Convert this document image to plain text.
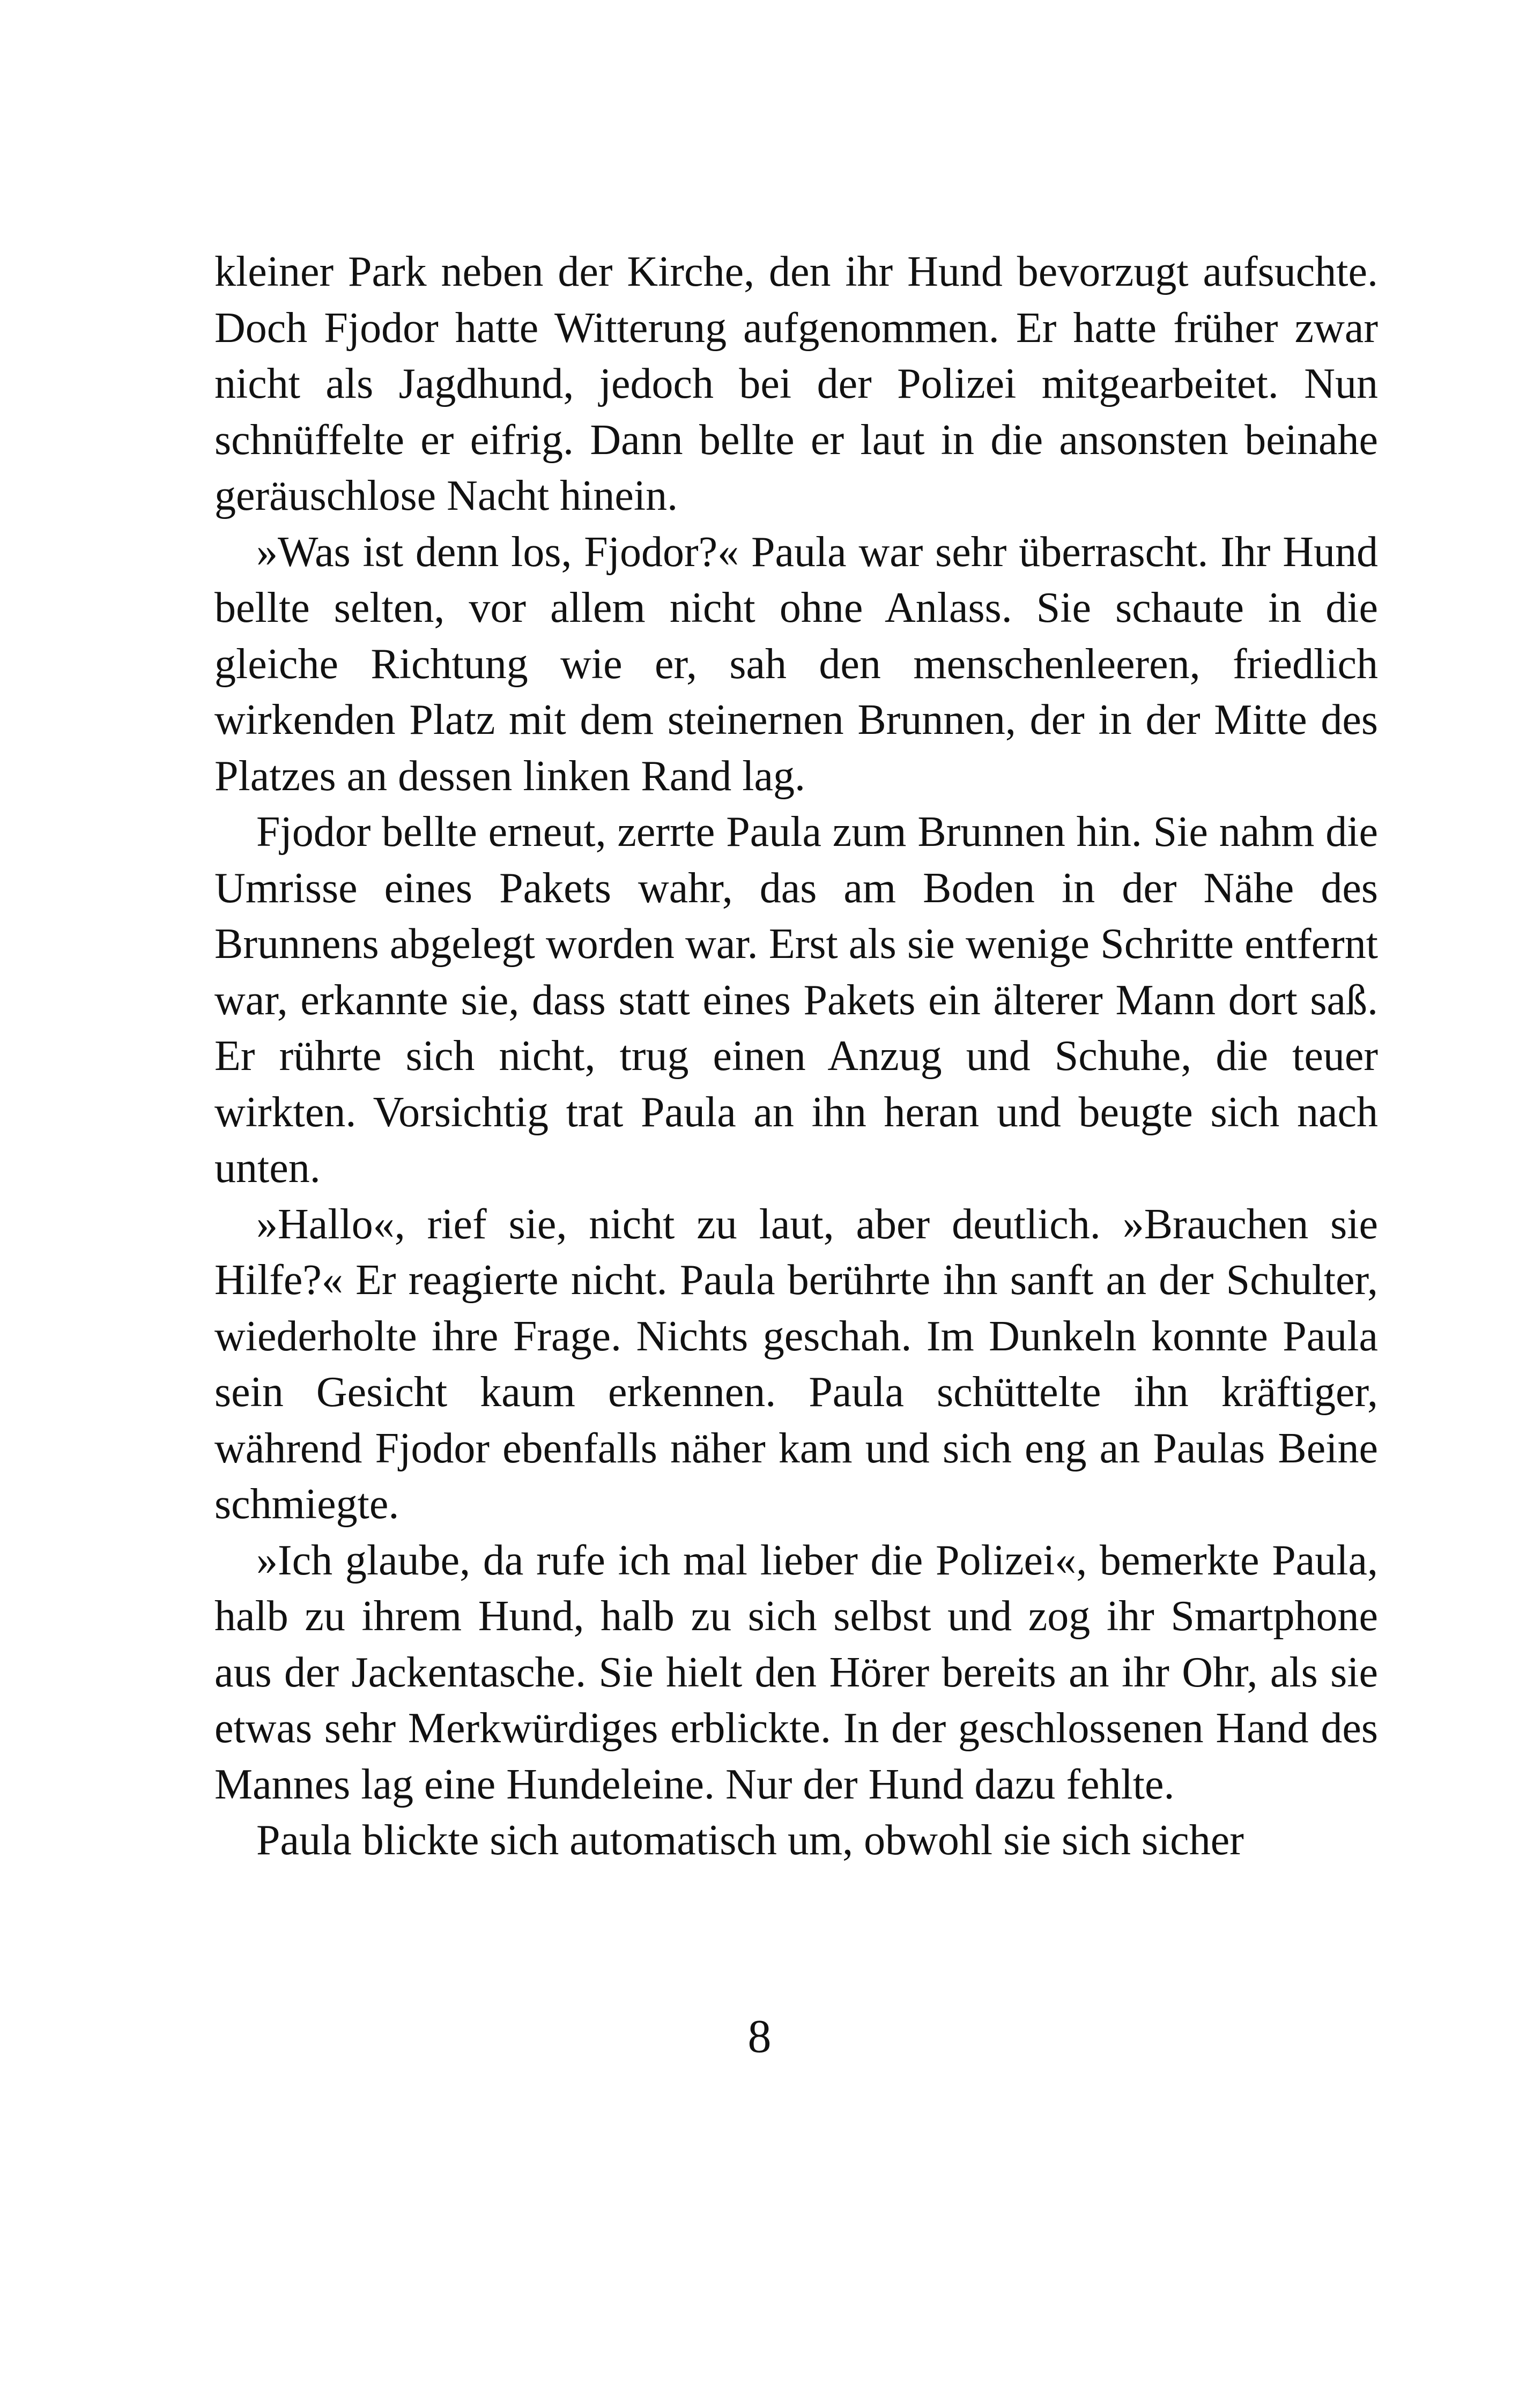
kleiner Park neben der Kirche, den ihr Hund bevorzugt aufsuchte. Doch Fjodor hatte Witterung aufgenommen. Er hatte früher zwar nicht als Jagdhund, jedoch bei der Polizei mitgearbeitet. Nun schnüffelte er eifrig. Dann bellte er laut in die ansonsten beinahe geräuschlose Nacht hinein.

»Was ist denn los, Fjodor?« Paula war sehr überrascht. Ihr Hund bellte selten, vor allem nicht ohne Anlass. Sie schaute in die gleiche Richtung wie er, sah den menschenleeren, friedlich wirkenden Platz mit dem steinernen Brunnen, der in der Mitte des Platzes an dessen linken Rand lag.

Fjodor bellte erneut, zerrte Paula zum Brunnen hin. Sie nahm die Umrisse eines Pakets wahr, das am Boden in der Nähe des Brunnens abgelegt worden war. Erst als sie wenige Schritte entfernt war, erkannte sie, dass statt eines Pakets ein älterer Mann dort saß. Er rührte sich nicht, trug einen Anzug und Schuhe, die teuer wirkten. Vorsichtig trat Paula an ihn heran und beugte sich nach unten.

»Hallo«, rief sie, nicht zu laut, aber deutlich. »Brauchen sie Hilfe?« Er reagierte nicht. Paula berührte ihn sanft an der Schulter, wiederholte ihre Frage. Nichts geschah. Im Dunkeln konnte Paula sein Gesicht kaum erkennen. Paula schüttelte ihn kräftiger, während Fjodor ebenfalls näher kam und sich eng an Paulas Beine schmiegte.

»Ich glaube, da rufe ich mal lieber die Polizei«, bemerkte Paula, halb zu ihrem Hund, halb zu sich selbst und zog ihr Smartphone aus der Jackentasche. Sie hielt den Hörer bereits an ihr Ohr, als sie etwas sehr Merkwürdiges erblickte. In der geschlossenen Hand des Mannes lag eine Hundeleine. Nur der Hund dazu fehlte.

Paula blickte sich automatisch um, obwohl sie sich sicher

8
